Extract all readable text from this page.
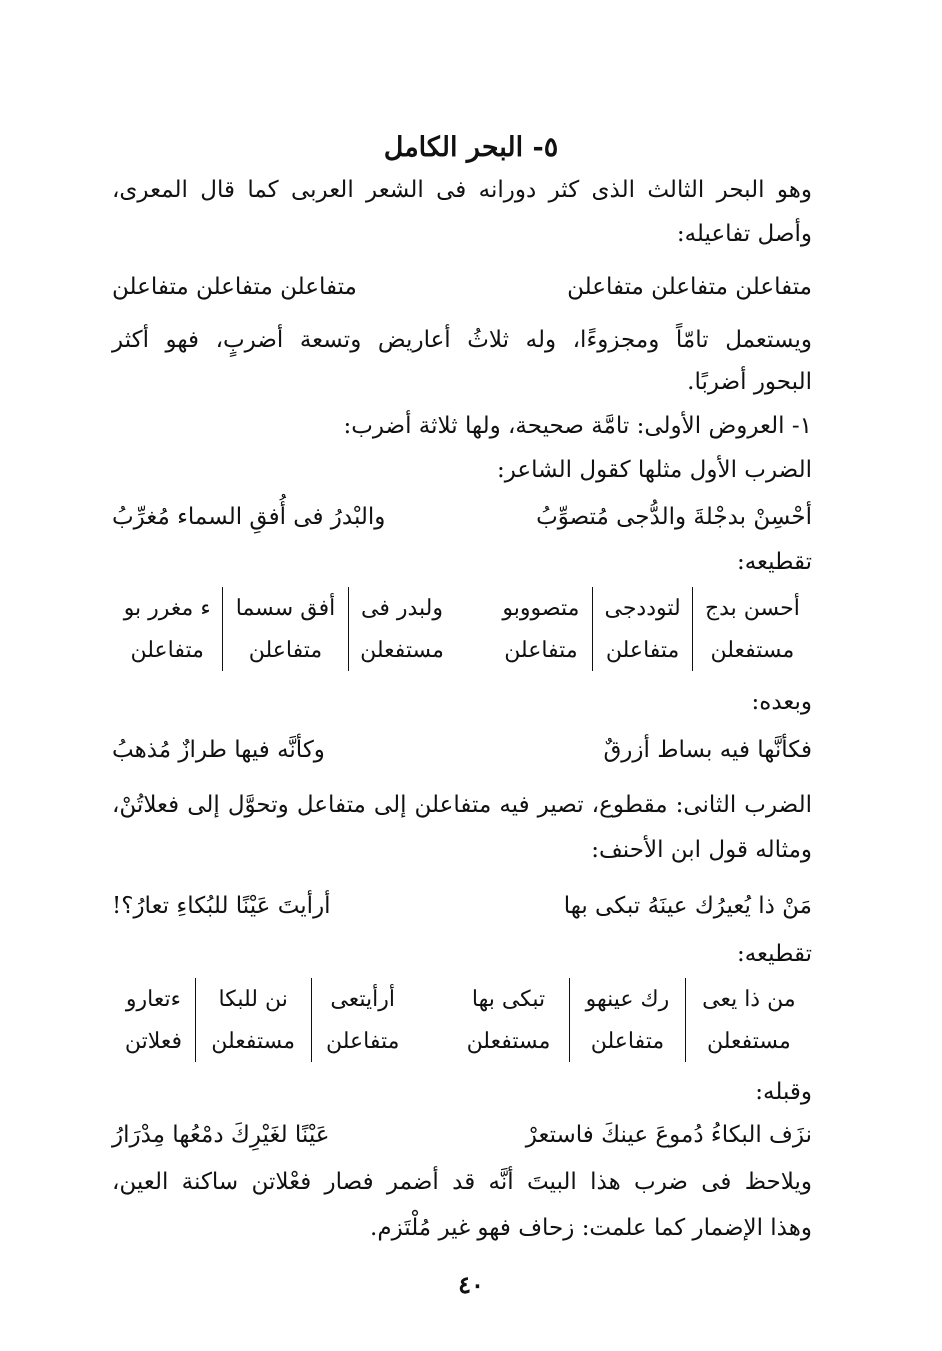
٥- البحر الكامل
وهو البحر الثالث الذى كثر دورانه فى الشعر العربى كما قال المعرى،
وأصل تفاعيله:
متفاعلن متفاعلن متفاعلن
متفاعلن متفاعلن متفاعلن
ويستعمل تامّاً ومجزوءًا، وله ثلاثُ أعاريض وتسعة أضربٍ، فهو أكثر
البحور أضربًا.
١- العروض الأولى: تامَّة صحيحة، ولها ثلاثة أضرب:
الضرب الأول مثلها كقول الشاعر:
أحْسِنْ بدجْلةَ والدُّجى مُتصوِّبُ
والبْدرُ فى أُفقِ السماء مُغرِّبُ
تقطيعه:
أحسن بدج	لتوددجى	متصووبو	ولبدر فى	أفق سسما	ء مغرر بو
مستفعلن	متفاعلن	متفاعلن	مستفعلن	متفاعلن	متفاعلن
وبعده:
فكأنَّها فيه بساط أزرقٌ
وكأنَّه فيها طرازٌ مُذهبُ
الضرب الثانى: مقطوع، تصير فيه متفاعلن إلى متفاعل وتحوَّل إلى فعلاتُنْ،
ومثاله قول ابن الأحنف:
مَنْ ذا يُعيرُك عينَهُ تبكى بها
أرأيتَ عَيْنًا للبُكاءِ تعارُ؟!
تقطيعه:
من ذا يعى	رك عينهو	تبكى بها	أرأيتعى	نن للبكا	ءتعارو
مستفعلن	متفاعلن	مستفعلن	متفاعلن	مستفعلن	فعلاتن
وقبله:
نزَف البكاءُ دُموعَ عينكَ فاستعرْ
عَيْنًا لغَيْرِكَ دمْعُها مِدْرَارُ
ويلاحظ فى ضرب هذا البيتَ أنَّه قد أضمر فصار فعْلاتن ساكنة العين،
وهذا الإضمار كما علمت: زحاف فهو غير مُلْتَزم.
٤٠
